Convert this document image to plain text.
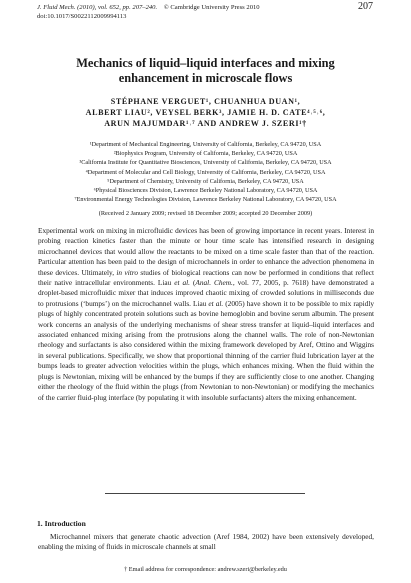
J. Fluid Mech. (2010), vol. 652, pp. 207–240. © Cambridge University Press 2010
doi:10.1017/S0022112009994113
207
Mechanics of liquid–liquid interfaces and mixing
enhancement in microscale flows
STÉPHANE VERGUET¹, CHUANHUA DUAN¹,
ALBERT LIAU², VEYSEL BERK³, JAMIE H. D. CATE⁴˒⁵˒⁶,
ARUN MAJUMDAR¹˒⁷ AND ANDREW J. SZERI¹†
¹Department of Mechanical Engineering, University of California, Berkeley, CA 94720, USA
²Biophysics Program, University of California, Berkeley, CA 94720, USA
³California Institute for Quantitative Biosciences, University of California, Berkeley, CA 94720, USA
⁴Department of Molecular and Cell Biology, University of California, Berkeley, CA 94720, USA
⁵Department of Chemistry, University of California, Berkeley, CA 94720, USA
⁶Physical Biosciences Division, Lawrence Berkeley National Laboratory, CA 94720, USA
⁷Environmental Energy Technologies Division, Lawrence Berkeley National Laboratory, CA 94720, USA

(Received 2 January 2009; revised 18 December 2009; accepted 20 December 2009)

Experimental work on mixing in microfluidic devices has been of growing importance in recent years. Interest in probing reaction kinetics faster than the minute or hour time scale has intensified research in designing microchannel devices that would allow the reactants to be mixed on a time scale faster than that of the reaction. Particular attention has been paid to the design of microchannels in order to enhance the advection phenomena in these devices. Ultimately, in vitro studies of biological reactions can now be performed in conditions that reflect their native intracellular environments. Liau et al. (Anal. Chem., vol. 77, 2005, p. 7618) have demonstrated a droplet-based microfluidic mixer that induces improved chaotic mixing of crowded solutions in milliseconds due to protrusions (‘bumps’) on the microchannel walls. Liau et al. (2005) have shown it to be possible to mix rapidly plugs of highly concentrated protein solutions such as bovine hemoglobin and bovine serum albumin. The present work concerns an analysis of the underlying mechanisms of shear stress transfer at liquid–liquid interfaces and associated enhanced mixing arising from the protrusions along the channel walls. The role of non-Newtonian rheology and surfactants is also considered within the mixing framework developed by Aref, Ottino and Wiggins in several publications. Specifically, we show that proportional thinning of the carrier fluid lubrication layer at the bumps leads to greater advection velocities within the plugs, which enhances mixing. When the fluid within the plugs is Newtonian, mixing will be enhanced by the bumps if they are sufficiently close to one another. Changing either the rheology of the fluid within the plugs (from Newtonian to non-Newtonian) or modifying the mechanics of the carrier fluid-plug interface (by populating it with insoluble surfactants) alters the mixing enhancement.

1. Introduction

Microchannel mixers that generate chaotic advection (Aref 1984, 2002) have been extensively developed, enabling the mixing of fluids in microscale channels at small

† Email address for correspondence: andrew.szeri@berkeley.edu
